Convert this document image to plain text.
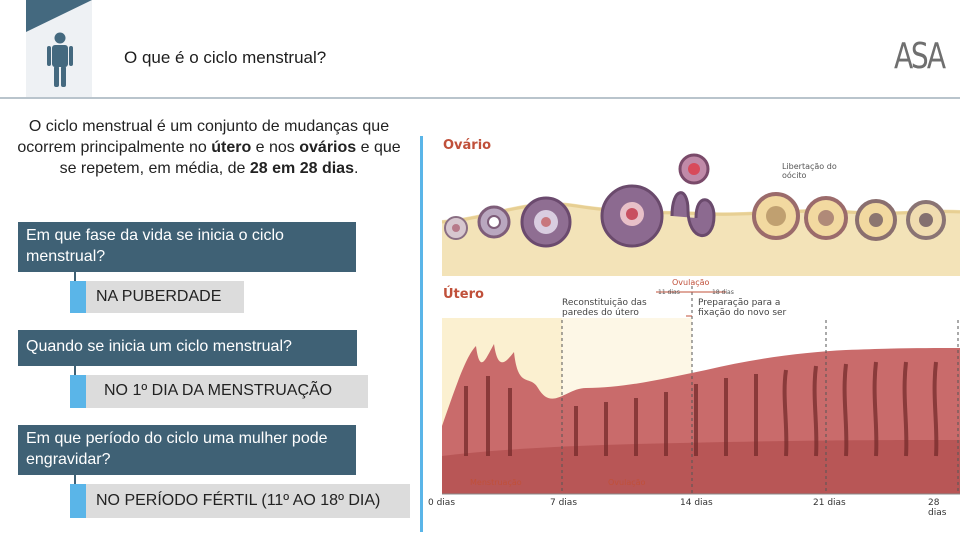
O que é o ciclo menstrual?	ASA
O ciclo menstrual é um conjunto de mudanças que ocorrem principalmente no útero e nos ovários e que se repetem, em média, de 28 em 28 dias.
Em que fase da vida se inicia o ciclo menstrual?
NA PUBERDADE
Quando se inicia um ciclo menstrual?
NO 1º DIA DA MENSTRUAÇÃO
Em que período do ciclo uma mulher pode engravidar?
NO PERÍODO FÉRTIL (11º AO 18º DIA)
Ovário
Útero
Libertação do oócito
Ovulação
11 dias	18 dias
Reconstituição das paredes do útero
Preparação para a fixação do novo ser
Menstruação	Ovulação
0 dias	7 dias	14 dias	21 dias	28 dias
